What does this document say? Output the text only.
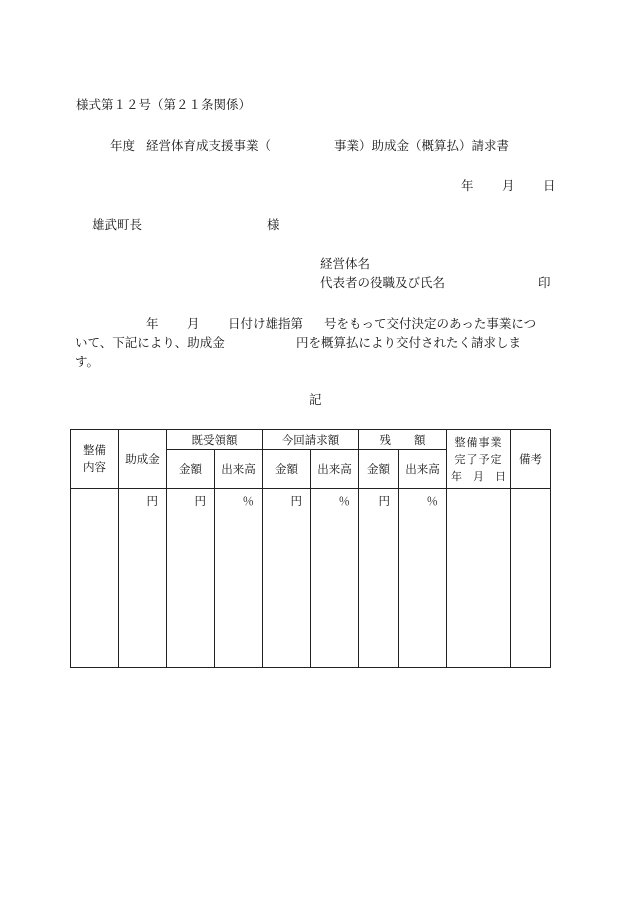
様式第１２号（第２１条関係）
年度 経営体育成支援事業（	事業）助成金（概算払）請求書
年 月 日
雄武町長	様
経営体名
代表者の役職及び氏名	印
年 月 日付け雄指第 号をもって交付決定のあった事業につ
いて、下記により、助成金	円を概算払により交付されたく請求しま
す。
記
整備
内容	助成金	既受領額		今回請求額		残　　額		整備事業
完了予定
年　月　日	備考
		金額	出来高	金額	出来高	金額	出来高		
	円	円	％	円	％	円	％		
